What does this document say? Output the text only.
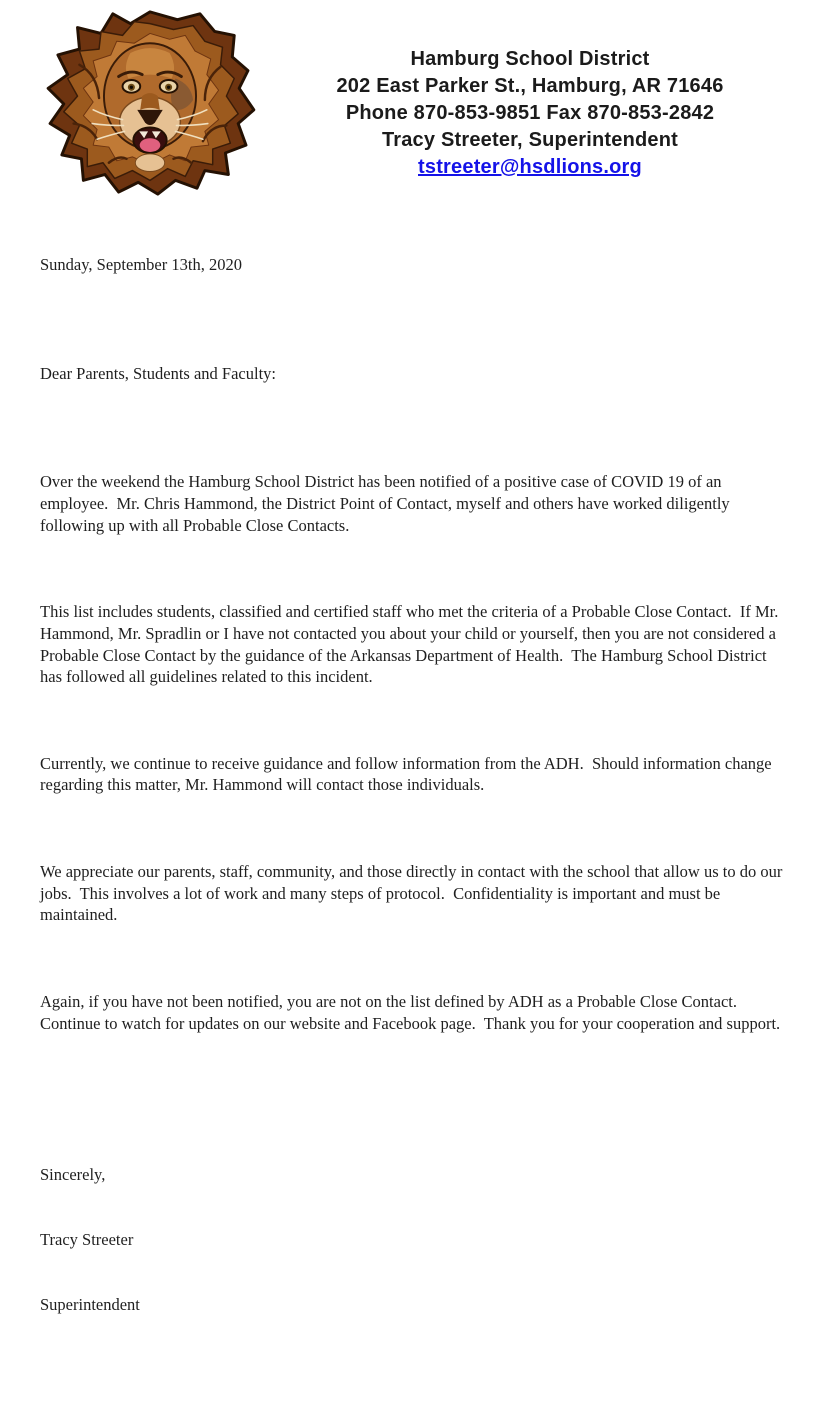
Hamburg School District
202 East Parker St., Hamburg, AR 71646
Phone 870-853-9851 Fax 870-853-2842
Tracy Streeter, Superintendent
tstreeter@hsdlions.org

Sunday, September 13th, 2020

Dear Parents, Students and Faculty:

Over the weekend the Hamburg School District has been notified of a positive case of COVID 19 of an employee.  Mr. Chris Hammond, the District Point of Contact, myself and others have worked diligently following up with all Probable Close Contacts.

This list includes students, classified and certified staff who met the criteria of a Probable Close Contact.  If Mr. Hammond, Mr. Spradlin or I have not contacted you about your child or yourself, then you are not considered a Probable Close Contact by the guidance of the Arkansas Department of Health.  The Hamburg School District has followed all guidelines related to this incident.

Currently, we continue to receive guidance and follow information from the ADH.  Should information change regarding this matter, Mr. Hammond will contact those individuals.

We appreciate our parents, staff, community, and those directly in contact with the school that allow us to do our jobs.  This involves a lot of work and many steps of protocol.  Confidentiality is important and must be maintained.

Again, if you have not been notified, you are not on the list defined by ADH as a Probable Close Contact.  Continue to watch for updates on our website and Facebook page.  Thank you for your cooperation and support.

Sincerely,

Tracy Streeter

Superintendent
